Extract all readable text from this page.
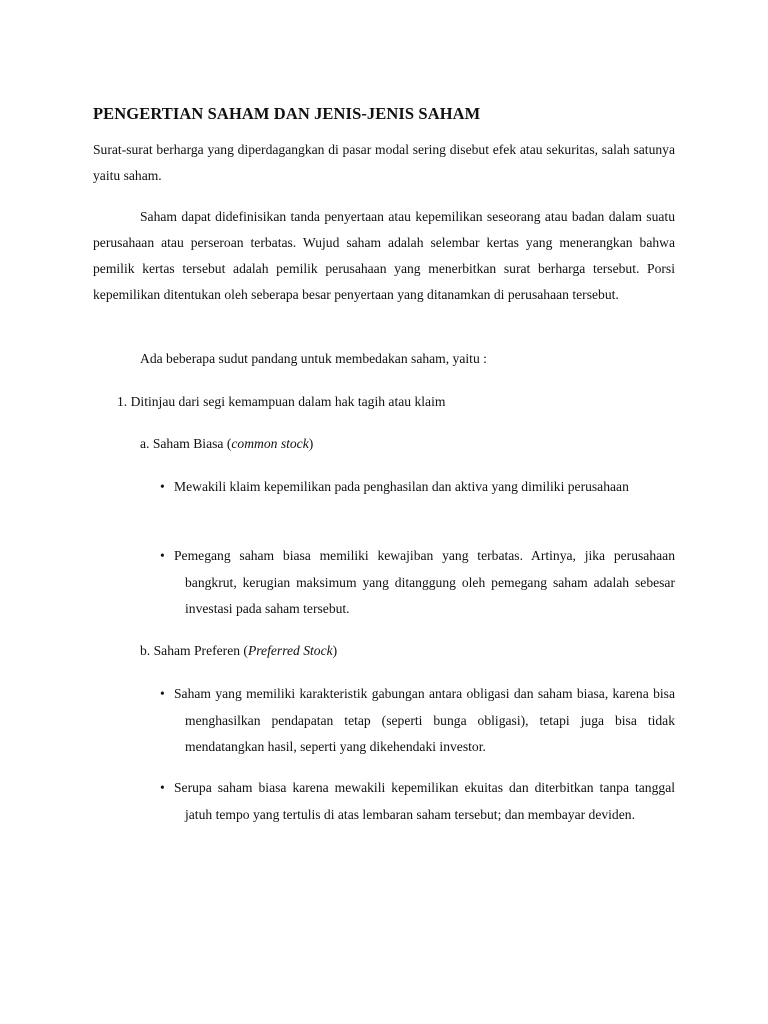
PENGERTIAN SAHAM DAN JENIS-JENIS SAHAM

Surat-surat berharga yang diperdagangkan di pasar modal sering disebut efek atau sekuritas, salah satunya yaitu saham.

Saham dapat didefinisikan tanda penyertaan atau kepemilikan seseorang atau badan dalam suatu perusahaan atau perseroan terbatas. Wujud saham adalah selembar kertas yang menerangkan bahwa pemilik kertas tersebut adalah pemilik perusahaan yang menerbitkan surat berharga tersebut. Porsi kepemilikan ditentukan oleh seberapa besar penyertaan yang ditanamkan di perusahaan tersebut.

Ada beberapa sudut pandang untuk membedakan saham, yaitu :

1. Ditinjau dari segi kemampuan dalam hak tagih atau klaim

a. Saham Biasa (common stock)

• Mewakili klaim kepemilikan pada penghasilan dan aktiva yang dimiliki perusahaan
• Pemegang saham biasa memiliki kewajiban yang terbatas. Artinya, jika perusahaan bangkrut, kerugian maksimum yang ditanggung oleh pemegang saham adalah sebesar investasi pada saham tersebut.

b. Saham Preferen (Preferred Stock)

• Saham yang memiliki karakteristik gabungan antara obligasi dan saham biasa, karena bisa menghasilkan pendapatan tetap (seperti bunga obligasi), tetapi juga bisa tidak mendatangkan hasil, seperti yang dikehendaki investor.
• Serupa saham biasa karena mewakili kepemilikan ekuitas dan diterbitkan tanpa tanggal jatuh tempo yang tertulis di atas lembaran saham tersebut; dan membayar deviden.
